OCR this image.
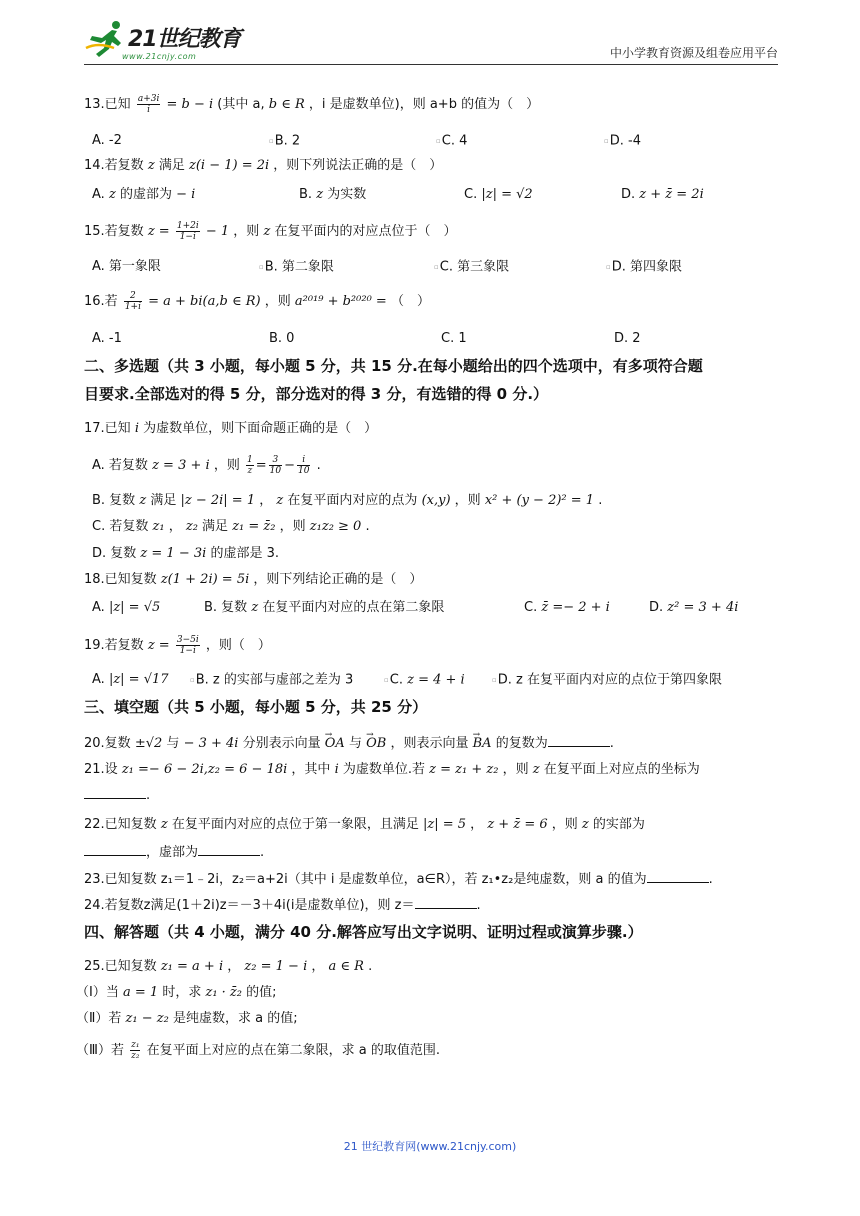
21世纪教育
www.21cnjy.com	中小学教育资源及组卷应用平台
13.已知 $\frac{a+3i}{i} = b - i$ (其中 a, b ∈ R ，i 是虚数单位)，则 a+b 的值为（　）
A. -2	▫B. 2	▫C. 4	▫D. -4
14.若复数 z 满足 z(i − 1) = 2i ，则下列说法正确的是（　）
A. z 的虚部为 − i	B. z 为实数	C. |z| = √2	D. z + z̄ = 2i
15.若复数 $z = \frac{1+2i}{1-i} - 1$ ，则 z 在复平面内的对应点位于（　）
A. 第一象限	▫B. 第二象限	▫C. 第三象限	▫D. 第四象限
16.若 $\frac{2}{1+i} = a + bi(a,b$ ∈ R) ，则 a²⁰¹⁹ + b²⁰²⁰ = （　）
A. -1	B. 0	C. 1	D. 2
二、多选题（共 3 小题，每小题 5 分，共 15 分.在每小题给出的四个选项中，有多项符合题
目要求.全部选对的得 5 分，部分选对的得 3 分，有选错的得 0 分.）
17.已知 i 为虚数单位，则下面命题正确的是（　）
A. 若复数 z = 3 + i ，则 $\frac{1}{z} = \frac{3}{10} - \frac{i}{10}$ .
B. 复数 z 满足 |z − 2i| = 1 ， z 在复平面内对应的点为 (x,y) ，则 x² + (y − 2)² = 1 .
C. 若复数 z₁ ， z₂ 满足 z₁ = z̄₂ ，则 z₁z₂ ≥ 0 .
D. 复数 z = 1 − 3i 的虚部是 3.
18.已知复数 z(1 + 2i) = 5i ，则下列结论正确的是（　）
A. |z| = √5	B. 复数 z 在复平面内对应的点在第二象限	C. z̄ =− 2 + i	D. z² = 3 + 4i
19.若复数 $z = \frac{3-5i}{1-i}$ ，则（　）
A. |z| = √17	▫B. z 的实部与虚部之差为 3	▫C. z = 4 + i	▫D. z 在复平面内对应的点位于第四象限
三、填空题（共 5 小题，每小题 5 分，共 25 分）
20.复数 ±√2 与 − 3 + 4i 分别表示向量 → OA 与 → OB ，则表示向量 → BA 的复数为	.
21.设 z₁ =− 6 − 2i,z₂ = 6 − 18i ，其中 i 为虚数单位.若 z = z₁ + z₂ ，则 z 在复平面上对应点的坐标为
.
22.已知复数 z 在复平面内对应的点位于第一象限，且满足 |z| = 5 ， z + z̄ = 6 ，则 z 的实部为
，虚部为	.
23.已知复数 z₁＝1﹣2i，z₂＝a+2i（其中 i 是虚数单位，a∈R），若 z₁•z₂是纯虚数，则 a 的值为	.
24.若复数z满足(1＋2i)z＝－3＋4i(i是虚数单位)，则 z＝	.
四、解答题（共 4 小题，满分 40 分.解答应写出文字说明、证明过程或演算步骤.）
25.已知复数 z₁ = a + i ， z₂ = 1 − i ， a ∈ R .
（Ⅰ）当 a = 1 时，求 z₁ · z̄₂ 的值;
（Ⅱ）若 z₁ − z₂ 是纯虚数，求 a 的值;
（Ⅲ）若 $\frac{\text{z₁}}{\text{z₂}}$ 在复平面上对应的点在第二象限，求 a 的取值范围.
21 世纪教育网(www.21cnjy.com)
